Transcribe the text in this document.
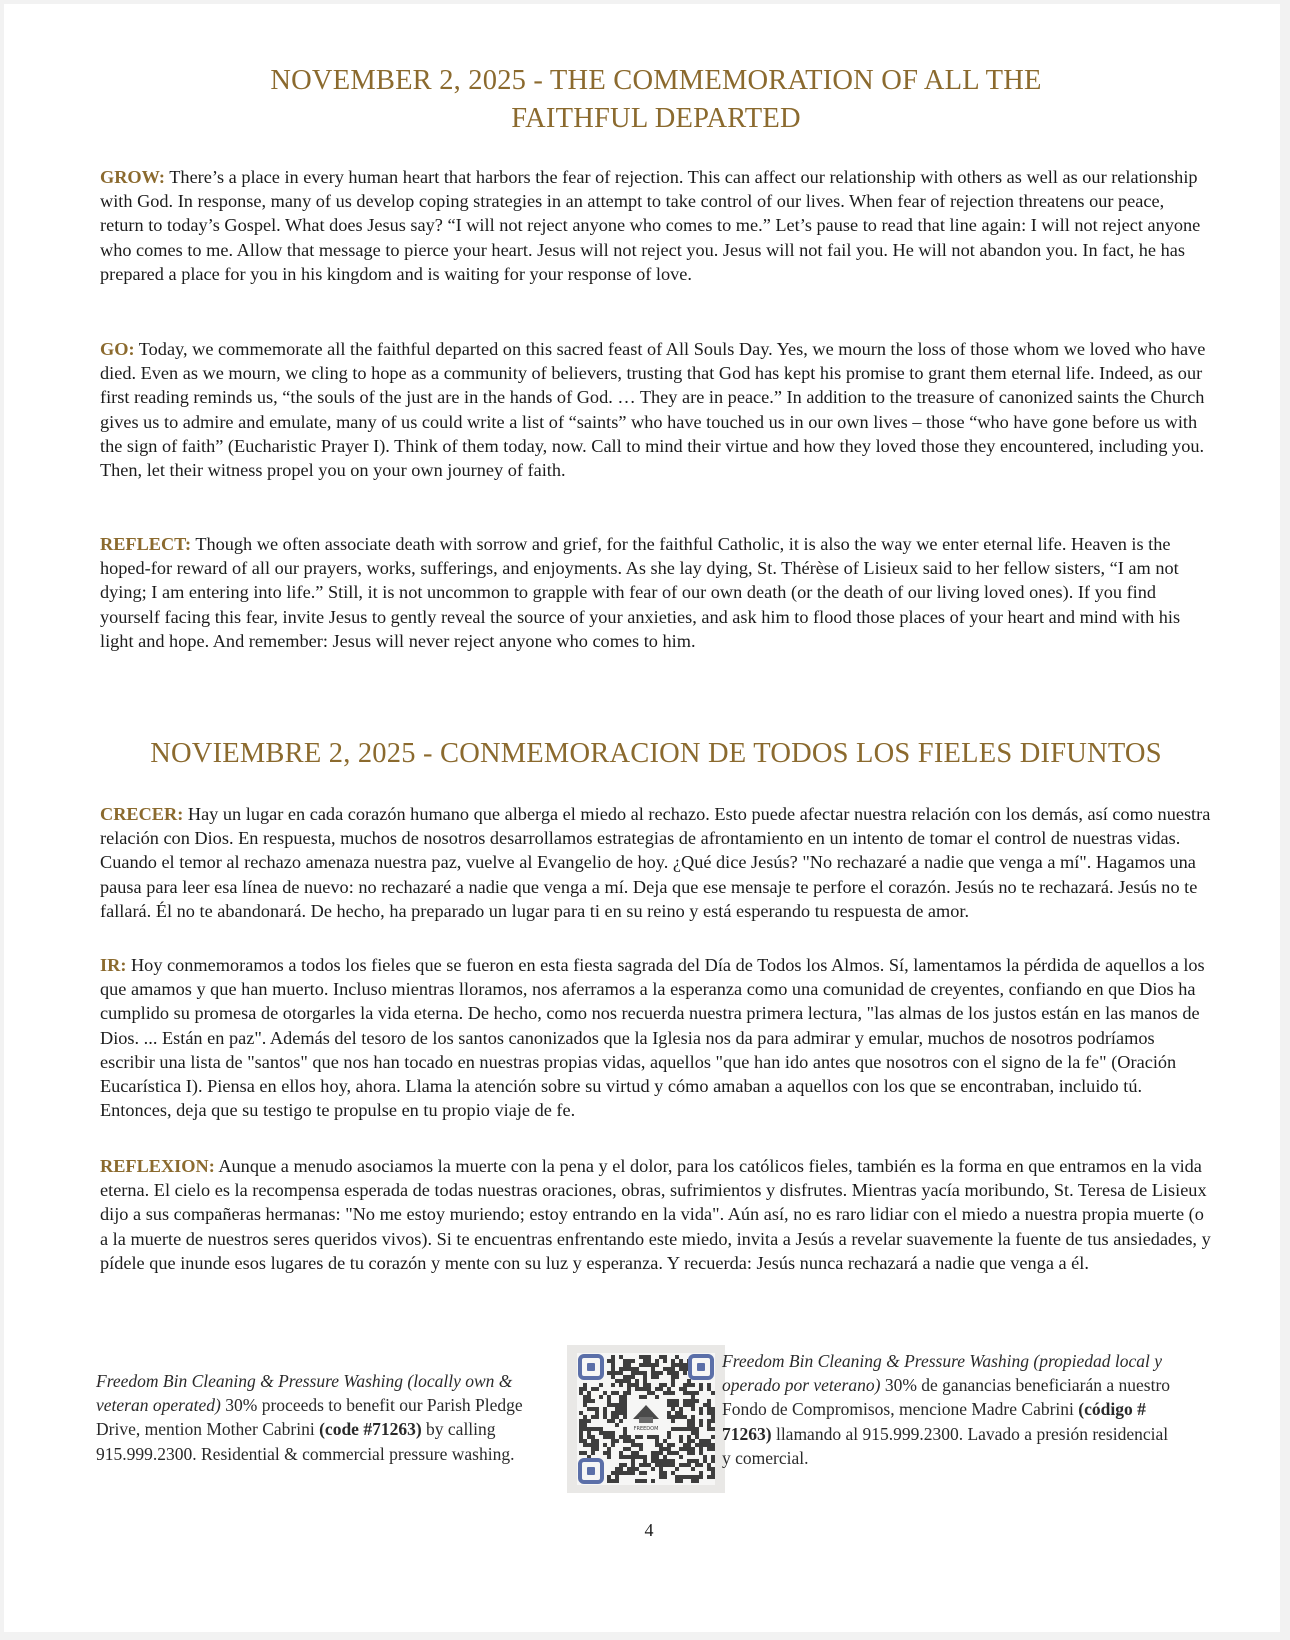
NOVEMBER 2, 2025 - THE COMMEMORATION OF ALL THE
FAITHFUL DEPARTED

GROW: There’s a place in every human heart that harbors the fear of rejection. This can affect our relationship with others as well as our relationship with God. In response, many of us develop coping strategies in an attempt to take control of our lives. When fear of rejection threatens our peace, return to today’s Gospel. What does Jesus say? “I will not reject anyone who comes to me.” Let’s pause to read that line again: I will not reject anyone who comes to me. Allow that message to pierce your heart. Jesus will not reject you. Jesus will not fail you. He will not abandon you. In fact, he has prepared a place for you in his kingdom and is waiting for your response of love.

GO: Today, we commemorate all the faithful departed on this sacred feast of All Souls Day. Yes, we mourn the loss of those whom we loved who have died. Even as we mourn, we cling to hope as a community of believers, trusting that God has kept his promise to grant them eternal life. Indeed, as our first reading reminds us, “the souls of the just are in the hands of God. … They are in peace.” In addition to the treasure of canonized saints the Church gives us to admire and emulate, many of us could write a list of “saints” who have touched us in our own lives – those “who have gone before us with the sign of faith” (Eucharistic Prayer I). Think of them today, now. Call to mind their virtue and how they loved those they encountered, including you. Then, let their witness propel you on your own journey of faith.

REFLECT: Though we often associate death with sorrow and grief, for the faithful Catholic, it is also the way we enter eternal life. Heaven is the hoped-for reward of all our prayers, works, sufferings, and enjoyments. As she lay dying, St. Thérèse of Lisieux said to her fellow sisters, “I am not dying; I am entering into life.” Still, it is not uncommon to grapple with fear of our own death (or the death of our living loved ones). If you find yourself facing this fear, invite Jesus to gently reveal the source of your anxieties, and ask him to flood those places of your heart and mind with his light and hope. And remember: Jesus will never reject anyone who comes to him.

NOVIEMBRE 2, 2025 - CONMEMORACION DE TODOS LOS FIELES DIFUNTOS

CRECER: Hay un lugar en cada corazón humano que alberga el miedo al rechazo. Esto puede afectar nuestra relación con los demás, así como nuestra relación con Dios. En respuesta, muchos de nosotros desarrollamos estrategias de afrontamiento en un intento de tomar el control de nuestras vidas. Cuando el temor al rechazo amenaza nuestra paz, vuelve al Evangelio de hoy. ¿Qué dice Jesús? "No rechazaré a nadie que venga a mí". Hagamos una pausa para leer esa línea de nuevo: no rechazaré a nadie que venga a mí. Deja que ese mensaje te perfore el corazón. Jesús no te rechazará. Jesús no te fallará. Él no te abandonará. De hecho, ha preparado un lugar para ti en su reino y está esperando tu respuesta de amor.

IR: Hoy conmemoramos a todos los fieles que se fueron en esta fiesta sagrada del Día de Todos los Almos. Sí, lamentamos la pérdida de aquellos a los que amamos y que han muerto. Incluso mientras lloramos, nos aferramos a la esperanza como una comunidad de creyentes, confiando en que Dios ha cumplido su promesa de otorgarles la vida eterna. De hecho, como nos recuerda nuestra primera lectura, "las almas de los justos están en las manos de Dios. ... Están en paz". Además del tesoro de los santos canonizados que la Iglesia nos da para admirar y emular, muchos de nosotros podríamos escribir una lista de "santos" que nos han tocado en nuestras propias vidas, aquellos "que han ido antes que nosotros con el signo de la fe" (Oración Eucarística I). Piensa en ellos hoy, ahora. Llama la atención sobre su virtud y cómo amaban a aquellos con los que se encontraban, incluido tú. Entonces, deja que su testigo te propulse en tu propio viaje de fe.

REFLEXION: Aunque a menudo asociamos la muerte con la pena y el dolor, para los católicos fieles, también es la forma en que entramos en la vida eterna. El cielo es la recompensa esperada de todas nuestras oraciones, obras, sufrimientos y disfrutes. Mientras yacía moribundo, St. Teresa de Lisieux dijo a sus compañeras hermanas: "No me estoy muriendo; estoy entrando en la vida". Aún así, no es raro lidiar con el miedo a nuestra propia muerte (o a la muerte de nuestros seres queridos vivos). Si te encuentras enfrentando este miedo, invita a Jesús a revelar suavemente la fuente de tus ansiedades, y pídele que inunde esos lugares de tu corazón y mente con su luz y esperanza. Y recuerda: Jesús nunca rechazará a nadie que venga a él.

Freedom Bin Cleaning & Pressure Washing (locally own & veteran operated) 30% proceeds to benefit our Parish Pledge Drive, mention Mother Cabrini (code #71263) by calling 915.999.2300. Residential & commercial pressure washing.
FREEDOM
Freedom Bin Cleaning & Pressure Washing (propiedad local y operado por veterano) 30% de ganancias beneficiarán a nuestro Fondo de Compromisos, mencione Madre Cabrini (código # 71263) llamando al 915.999.2300. Lavado a presión residencial y comercial.
4
